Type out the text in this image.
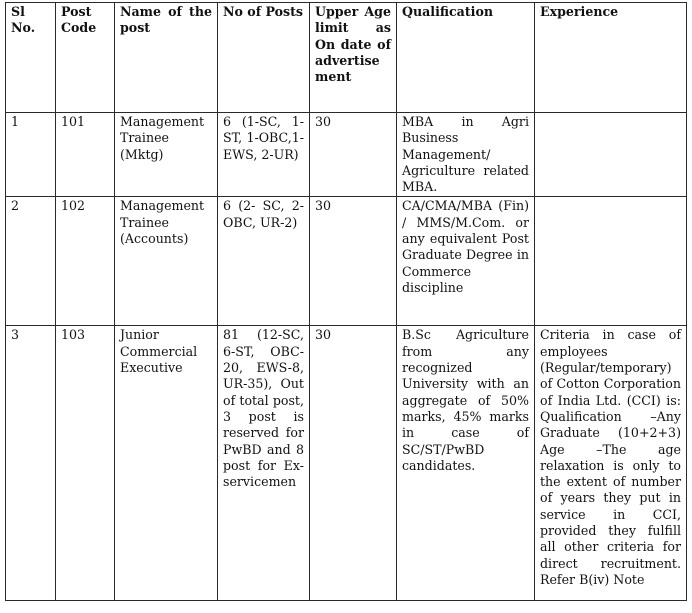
Sl No.	Post Code	Name of the post	No of Posts	Upper Age limit as On date of advertisement	Qualification	Experience
1	101	Management Trainee (Mktg)	6 (1-SC, 1-ST, 1-OBC,1-EWS, 2-UR)	30	MBA in Agri Business Management/ Agriculture related MBA.	
2	102	Management Trainee (Accounts)	6 (2- SC, 2-OBC, UR-2)	30	CA/CMA/MBA (Fin) / MMS/M.Com. or any equivalent Post Graduate Degree in Commerce discipline	
3	103	Junior Commercial Executive	81 (12-SC, 6-ST, OBC-20, EWS-8, UR-35), Out of total post, 3 post is reserved for PwBD and 8 post for Ex-servicemen	30	B.Sc Agriculture from any recognized University with an aggregate of 50% marks, 45% marks in case of SC/ST/PwBD candidates.	Criteria in case of employees (Regular/temporary) of Cotton Corporation of India Ltd. (CCI) is: Qualification –Any Graduate (10+2+3) Age –The age relaxation is only to the extent of number of years they put in service in CCI, provided they fulfill all other criteria for direct recruitment. Refer B(iv) Note
